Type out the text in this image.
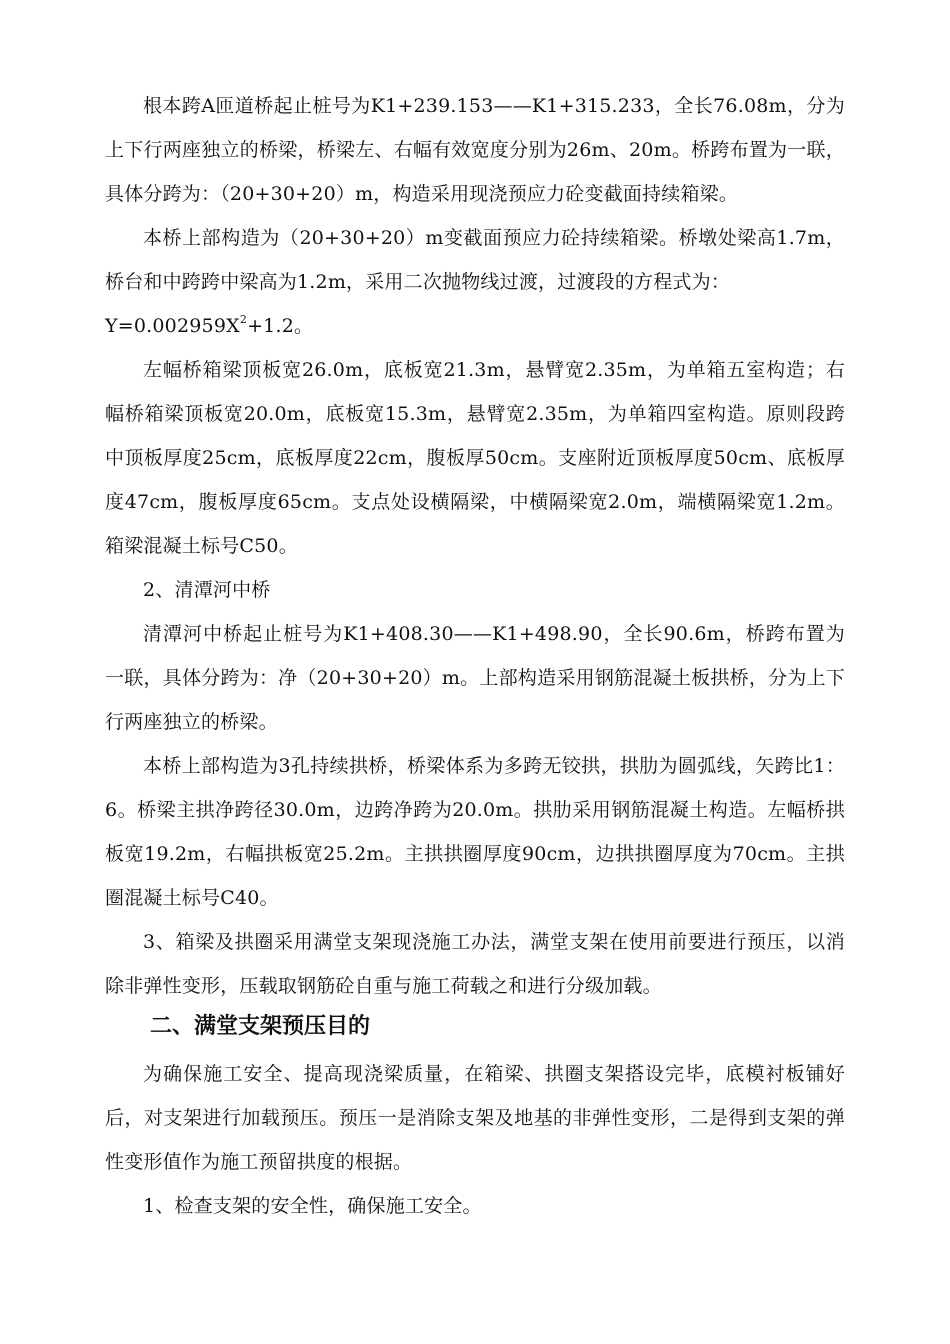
根本跨A匝道桥起止桩号为K1+239.153——K1+315.233，全长76.08m，分为上下行两座独立的桥梁，桥梁左、右幅有效宽度分别为26m、20m。桥跨布置为一联，具体分跨为：（20+30+20）m，构造采用现浇预应力砼变截面持续箱梁。

本桥上部构造为（20+30+20）m变截面预应力砼持续箱梁。桥墩处梁高1.7m，桥台和中跨跨中梁高为1.2m，采用二次抛物线过渡，过渡段的方程式为：

$Y=0.002959X^2+1.2$。

左幅桥箱梁顶板宽26.0m，底板宽21.3m，悬臂宽2.35m，为单箱五室构造；右幅桥箱梁顶板宽20.0m，底板宽15.3m，悬臂宽2.35m，为单箱四室构造。原则段跨中顶板厚度25cm，底板厚度22cm，腹板厚50cm。支座附近顶板厚度50cm、底板厚度47cm，腹板厚度65cm。支点处设横隔梁，中横隔梁宽2.0m，端横隔梁宽1.2m。箱梁混凝土标号C50。

2、清潭河中桥

清潭河中桥起止桩号为K1+408.30——K1+498.90，全长90.6m，桥跨布置为一联，具体分跨为：净（20+30+20）m。上部构造采用钢筋混凝土板拱桥，分为上下行两座独立的桥梁。

本桥上部构造为3孔持续拱桥，桥梁体系为多跨无铰拱，拱肋为圆弧线，矢跨比1：6。桥梁主拱净跨径30.0m，边跨净跨为20.0m。拱肋采用钢筋混凝土构造。左幅桥拱板宽19.2m，右幅拱板宽25.2m。主拱拱圈厚度90cm，边拱拱圈厚度为70cm。主拱圈混凝土标号C40。

3、箱梁及拱圈采用满堂支架现浇施工办法，满堂支架在使用前要进行预压，以消除非弹性变形，压载取钢筋砼自重与施工荷载之和进行分级加载。

二、满堂支架预压目的

为确保施工安全、提高现浇梁质量，在箱梁、拱圈支架搭设完毕，底模衬板铺好后，对支架进行加载预压。预压一是消除支架及地基的非弹性变形，二是得到支架的弹性变形值作为施工预留拱度的根据。

1、检查支架的安全性，确保施工安全。
